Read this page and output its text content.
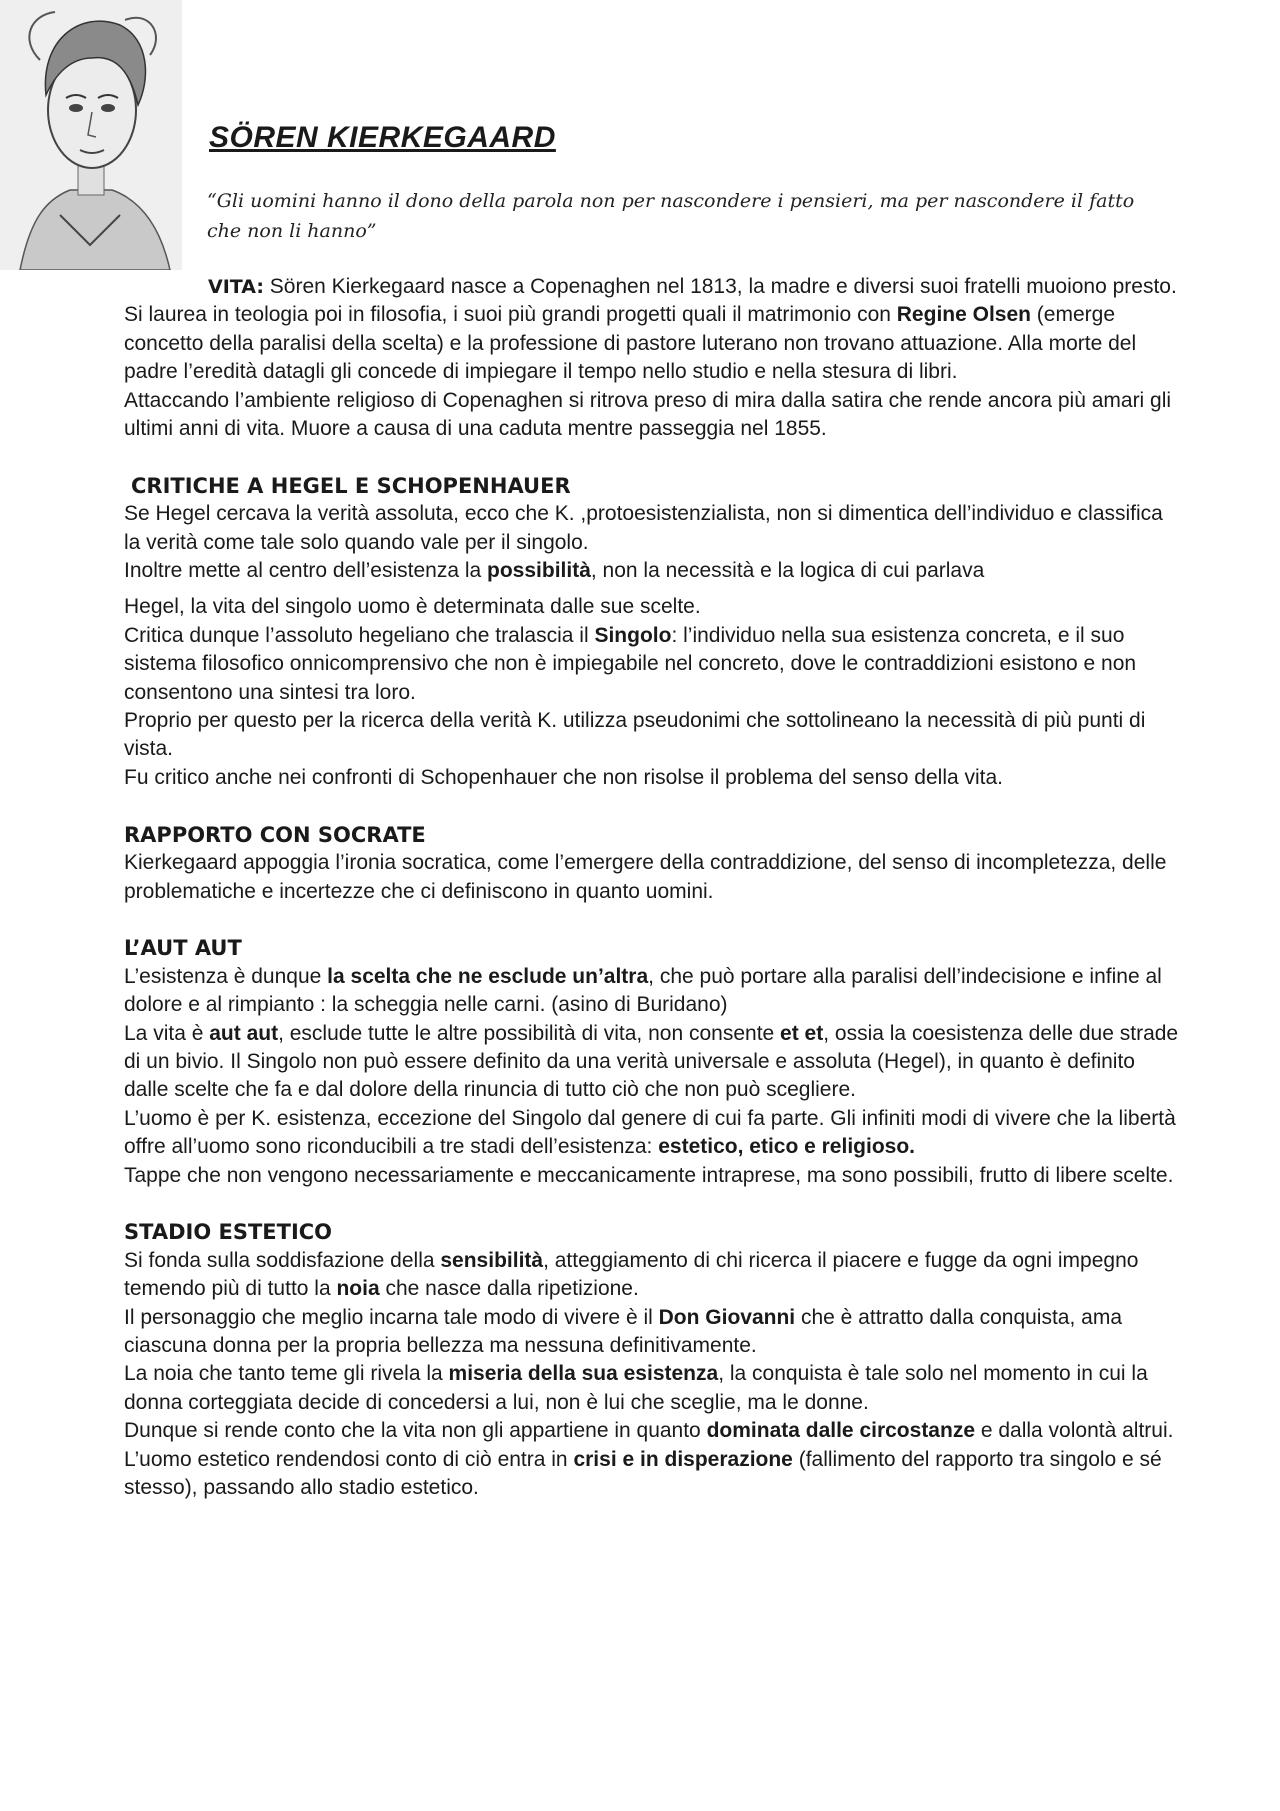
SÖREN KIERKEGAARD

“Gli uomini hanno il dono della parola non per nascondere i pensieri, ma per nascondere il fatto che non li hanno”

VITA: Sören Kierkegaard nasce a Copenaghen nel 1813, la madre e diversi suoi fratelli muoiono presto.

Si laurea in teologia poi in filosofia, i suoi più grandi progetti quali il matrimonio con Regine Olsen (emerge concetto della paralisi della scelta) e la professione di pastore luterano non trovano attuazione. Alla morte del padre l’eredità datagli gli concede di impiegare il tempo nello studio e nella stesura di libri.

Attaccando l’ambiente religioso di Copenaghen si ritrova preso di mira dalla satira che rende ancora più amari gli ultimi anni di vita. Muore a causa di una caduta mentre passeggia nel 1855.

CRITICHE A HEGEL E SCHOPENHAUER

Se Hegel cercava la verità assoluta, ecco che K. ,protoesistenzialista, non si dimentica dell’individuo e classifica la verità come tale solo quando vale per il singolo.

Inoltre mette al centro dell’esistenza la possibilità, non la necessità e la logica di cui parlava

Hegel, la vita del singolo uomo è determinata dalle sue scelte.

Critica dunque l’assoluto hegeliano che tralascia il Singolo: l’individuo nella sua esistenza concreta, e il suo sistema filosofico onnicomprensivo che non è impiegabile nel concreto, dove le contraddizioni esistono e non consentono una sintesi tra loro.

Proprio per questo per la ricerca della verità K. utilizza pseudonimi che sottolineano la necessità di più punti di vista.

Fu critico anche nei confronti di Schopenhauer che non risolse il problema del senso della vita.

RAPPORTO CON SOCRATE

Kierkegaard appoggia l’ironia socratica, come l’emergere della contraddizione, del senso di incompletezza, delle problematiche e incertezze che ci definiscono in quanto uomini.

L’AUT AUT

L’esistenza è dunque la scelta che ne esclude un’altra, che può portare alla paralisi dell’indecisione e infine al dolore e al rimpianto : la scheggia nelle carni. (asino di Buridano)

La vita è aut aut, esclude tutte le altre possibilità di vita, non consente et et, ossia la coesistenza delle due strade di un bivio. Il Singolo non può essere definito da una verità universale e assoluta (Hegel), in quanto è definito dalle scelte che fa e dal dolore della rinuncia di tutto ciò che non può scegliere.

L’uomo è per K. esistenza, eccezione del Singolo dal genere di cui fa parte. Gli infiniti modi di vivere che la libertà offre all’uomo sono riconducibili a tre stadi dell’esistenza: estetico, etico e religioso.

Tappe che non vengono necessariamente e meccanicamente intraprese, ma sono possibili, frutto di libere scelte.

STADIO ESTETICO

Si fonda sulla soddisfazione della sensibilità, atteggiamento di chi ricerca il piacere e fugge da ogni impegno temendo più di tutto la noia che nasce dalla ripetizione.

Il personaggio che meglio incarna tale modo di vivere è il Don Giovanni che è attratto dalla conquista, ama ciascuna donna per la propria bellezza ma nessuna definitivamente.

La noia che tanto teme gli rivela la miseria della sua esistenza, la conquista è tale solo nel momento in cui la donna corteggiata decide di concedersi a lui, non è lui che sceglie, ma le donne.

Dunque si rende conto che la vita non gli appartiene in quanto dominata dalle circostanze e dalla volontà altrui. L’uomo estetico rendendosi conto di ciò entra in crisi e in disperazione (fallimento del rapporto tra singolo e sé stesso), passando allo stadio estetico.
